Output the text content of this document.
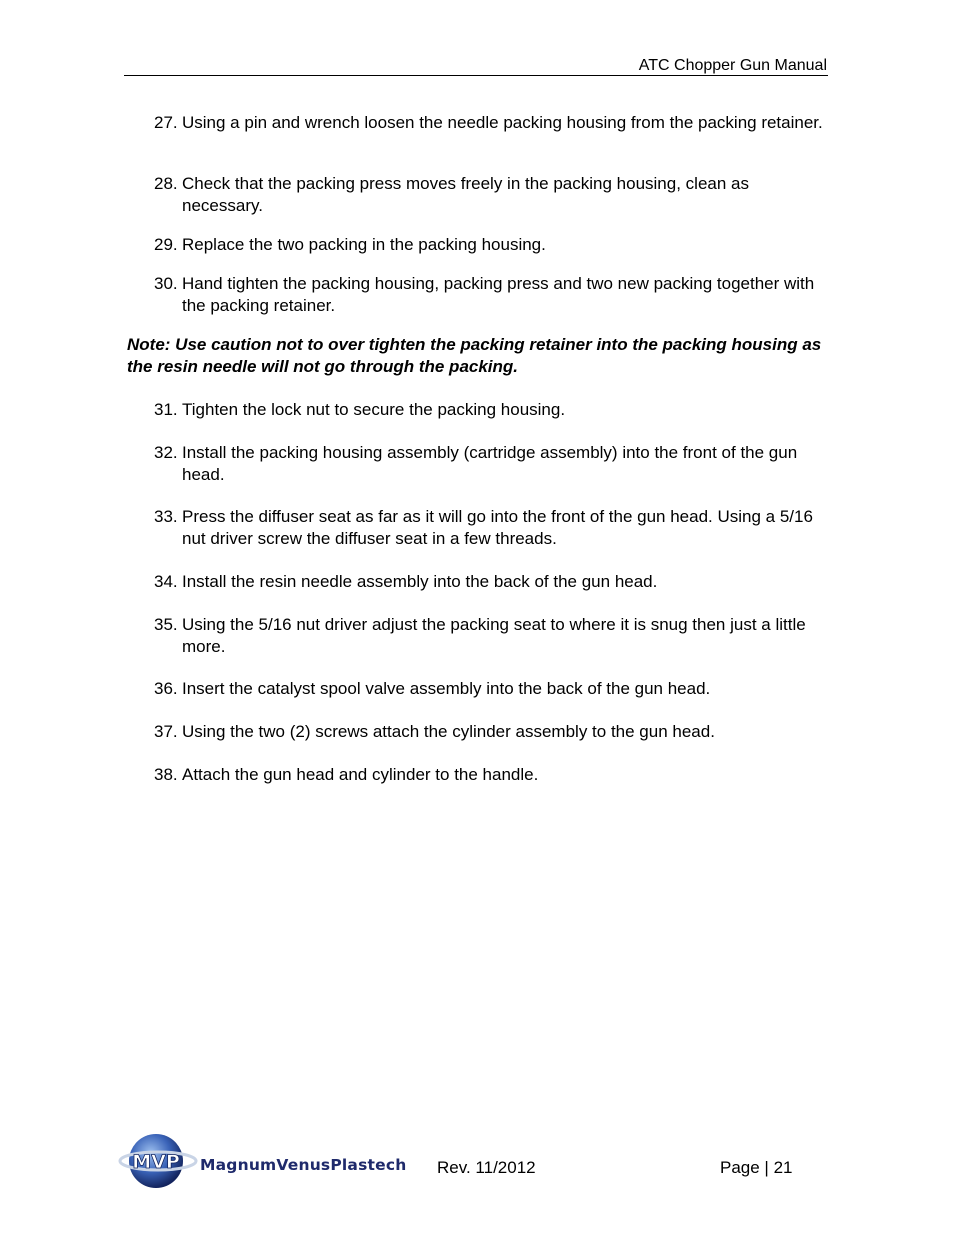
ATC Chopper Gun Manual
27. Using a pin and wrench loosen the needle packing housing from the packing retainer.
28. Check that the packing press moves freely in the packing housing, clean as necessary.
29. Replace the two packing in the packing housing.
30. Hand tighten the packing housing, packing press and two new packing together with the packing retainer.
Note: Use caution not to over tighten the packing retainer into the packing housing as the resin needle will not go through the packing.
31. Tighten the lock nut to secure the packing housing.
32. Install the packing housing assembly (cartridge assembly) into the front of the gun head.
33. Press the diffuser seat as far as it will go into the front of the gun head. Using a 5/16 nut driver screw the diffuser seat in a few threads.
34. Install the resin needle assembly into the back of the gun head.
35. Using the 5/16 nut driver adjust the packing seat to where it is snug then just a little more.
36. Insert the catalyst spool valve assembly into the back of the gun head.
37. Using the two (2) screws attach the cylinder assembly to the gun head.
38. Attach the gun head and cylinder to the handle.
MVP MagnumVenusPlastech Rev. 11/2012	Page | 21
